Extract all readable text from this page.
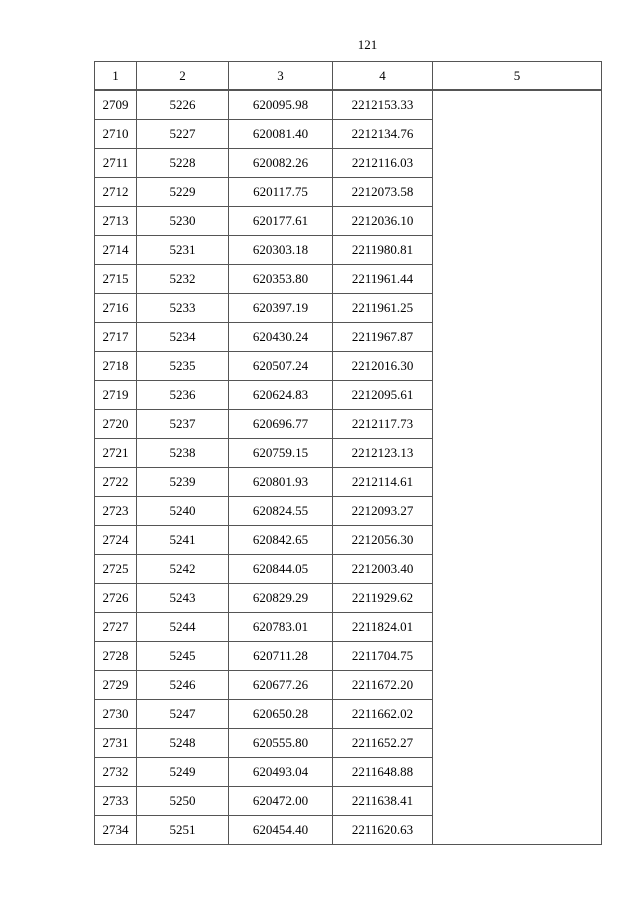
121
1	2	3	4	5
2709	5226	620095.98	2212153.33	
2710	5227	620081.40	2212134.76	
2711	5228	620082.26	2212116.03	
2712	5229	620117.75	2212073.58	
2713	5230	620177.61	2212036.10	
2714	5231	620303.18	2211980.81	
2715	5232	620353.80	2211961.44	
2716	5233	620397.19	2211961.25	
2717	5234	620430.24	2211967.87	
2718	5235	620507.24	2212016.30	
2719	5236	620624.83	2212095.61	
2720	5237	620696.77	2212117.73	
2721	5238	620759.15	2212123.13	
2722	5239	620801.93	2212114.61	
2723	5240	620824.55	2212093.27	
2724	5241	620842.65	2212056.30	
2725	5242	620844.05	2212003.40	
2726	5243	620829.29	2211929.62	
2727	5244	620783.01	2211824.01	
2728	5245	620711.28	2211704.75	
2729	5246	620677.26	2211672.20	
2730	5247	620650.28	2211662.02	
2731	5248	620555.80	2211652.27	
2732	5249	620493.04	2211648.88	
2733	5250	620472.00	2211638.41	
2734	5251	620454.40	2211620.63	
